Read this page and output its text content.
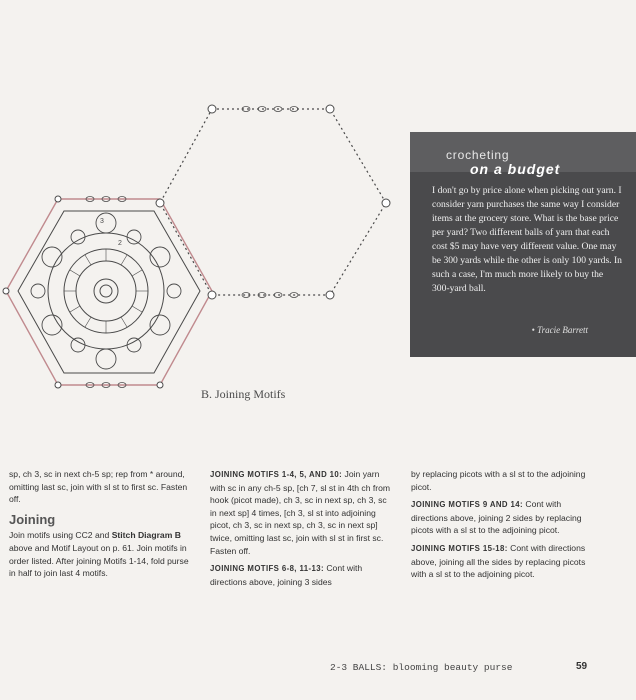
3
2
B. Joining Motifs
crocheting
on a budget
I don't go by price alone when picking out yarn. I consider yarn purchases the same way I consider items at the grocery store. What is the base price per yard? Two different balls of yarn that each cost $5 may have very different value. One may be 300 yards while the other is only 100 yards. In such a case, I'm much more likely to buy the 300-yard ball.
• Tracie Barrett

sp, ch 3, sc in next ch-5 sp; rep from * around, omitting last sc, join with sl st to first sc. Fasten off.

Joining

Join motifs using CC2 and Stitch Diagram B above and Motif Layout on p. 61. Join motifs in order listed. After joining Motifs 1-14, fold purse in half to join last 4 motifs.

JOINING MOTIFS 1-4, 5, AND 10: Join yarn with sc in any ch-5 sp, [ch 7, sl st in 4th ch from hook (picot made), ch 3, sc in next sp, ch 3, sc in next sp] 4 times, [ch 3, sl st into adjoining picot, ch 3, sc in next sp, ch 3, sc in next sp] twice, omitting last sc, join with sl st in first sc. Fasten off.

JOINING MOTIFS 6-8, 11-13: Cont with directions above, joining 3 sides

by replacing picots with a sl st to the adjoining picot.

JOINING MOTIFS 9 AND 14: Cont with directions above, joining 2 sides by replacing picots with a sl st to the adjoining picot.

JOINING MOTIFS 15-18: Cont with directions above, joining all the sides by replacing picots with a sl st to the adjoining picot.

2-3 BALLS: blooming beauty purse	59
